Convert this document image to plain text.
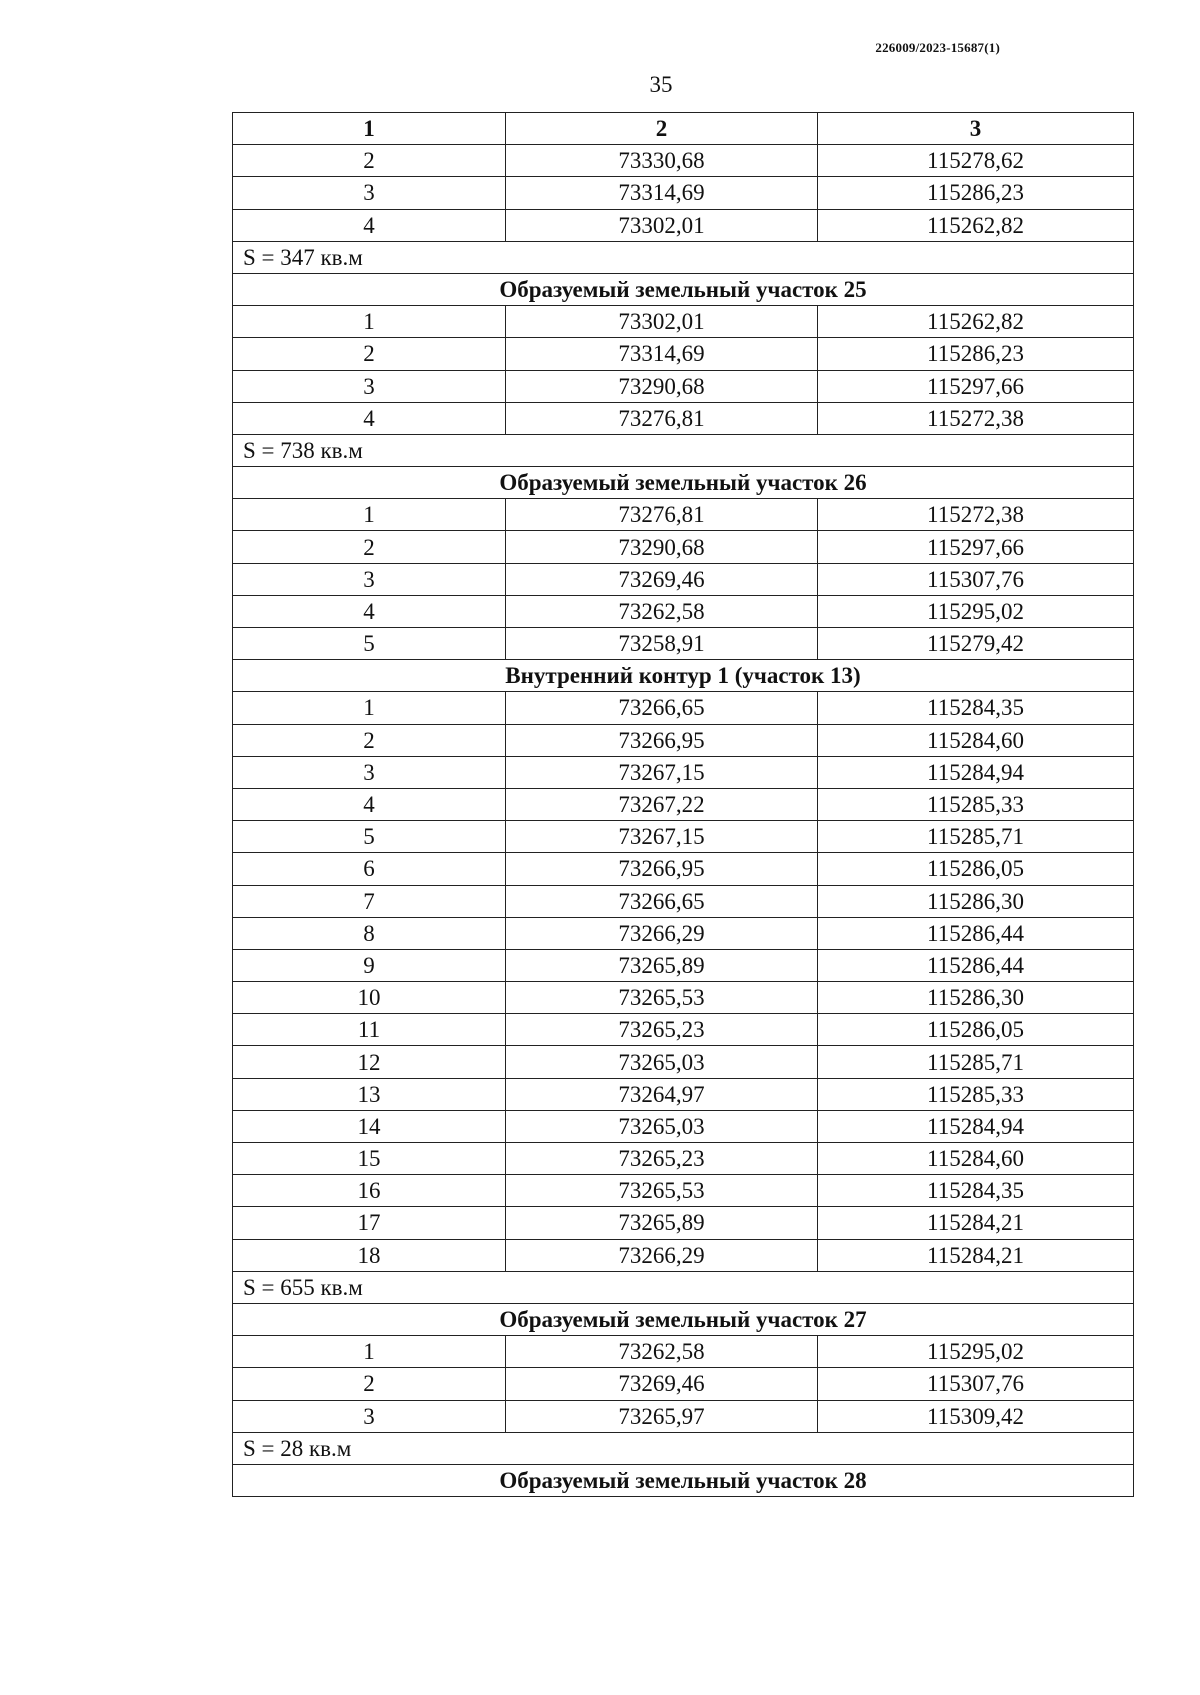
226009/2023-15687(1)
35
1	2	3
2	73330,68	115278,62
3	73314,69	115286,23
4	73302,01	115262,82
S = 347 кв.м		
Образуемый земельный участок 25		
1	73302,01	115262,82
2	73314,69	115286,23
3	73290,68	115297,66
4	73276,81	115272,38
S = 738 кв.м		
Образуемый земельный участок 26		
1	73276,81	115272,38
2	73290,68	115297,66
3	73269,46	115307,76
4	73262,58	115295,02
5	73258,91	115279,42
Внутренний контур 1 (участок 13)		
1	73266,65	115284,35
2	73266,95	115284,60
3	73267,15	115284,94
4	73267,22	115285,33
5	73267,15	115285,71
6	73266,95	115286,05
7	73266,65	115286,30
8	73266,29	115286,44
9	73265,89	115286,44
10	73265,53	115286,30
11	73265,23	115286,05
12	73265,03	115285,71
13	73264,97	115285,33
14	73265,03	115284,94
15	73265,23	115284,60
16	73265,53	115284,35
17	73265,89	115284,21
18	73266,29	115284,21
S = 655 кв.м		
Образуемый земельный участок 27		
1	73262,58	115295,02
2	73269,46	115307,76
3	73265,97	115309,42
S = 28 кв.м		
Образуемый земельный участок 28		
